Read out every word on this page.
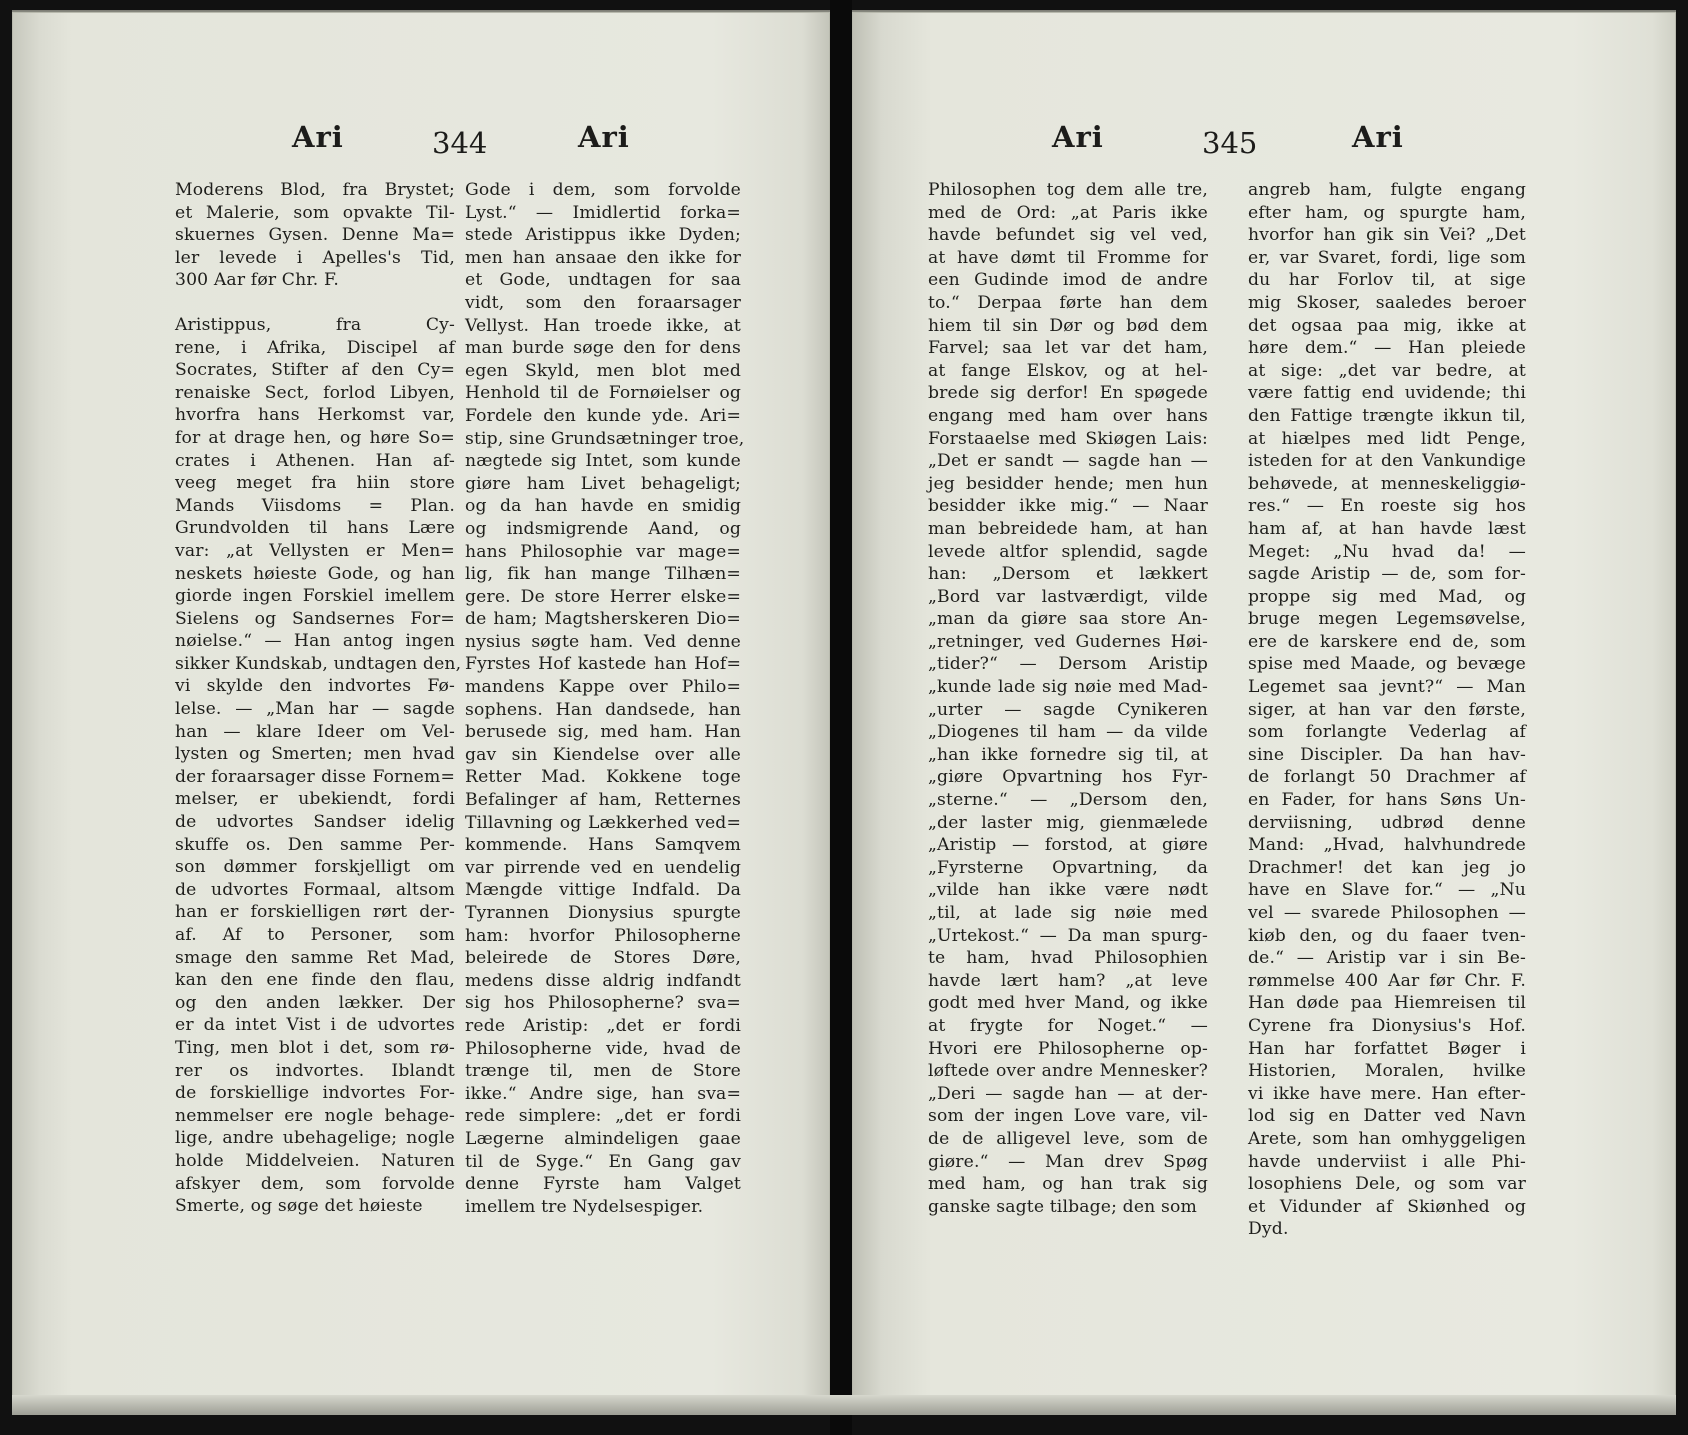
Ari	344	Ari
Moderens Blod, fra Brystet;
et Malerie, som opvakte Til-
skuernes Gysen. Denne Ma=
ler levede i Apelles's Tid,
300 Aar før Chr. F.
Aristippus, fra Cy-
rene, i Afrika, Discipel af
Socrates, Stifter af den Cy=
renaiske Sect, forlod Libyen,
hvorfra hans Herkomst var,
for at drage hen, og høre So=
crates i Athenen. Han af-
veeg meget fra hiin store
Mands Viisdoms = Plan.
Grundvolden til hans Lære
var: „at Vellysten er Men=
neskets høieste Gode, og han
giorde ingen Forskiel imellem
Sielens og Sandsernes For=
nøielse.“ — Han antog ingen
sikker Kundskab, undtagen den,
vi skylde den indvortes Fø-
lelse. — „Man har — sagde
han — klare Ideer om Vel-
lysten og Smerten; men hvad
der foraarsager disse Fornem=
melser, er ubekiendt, fordi
de udvortes Sandser idelig
skuffe os. Den samme Per-
son dømmer forskjelligt om
de udvortes Formaal, altsom
han er forskielligen rørt der-
af. Af to Personer, som
smage den samme Ret Mad,
kan den ene finde den flau,
og den anden lækker. Der
er da intet Vist i de udvortes
Ting, men blot i det, som rø-
rer os indvortes. Iblandt
de forskiellige indvortes For-
nemmelser ere nogle behage-
lige, andre ubehagelige; nogle
holde Middelveien. Naturen
afskyer dem, som forvolde
Smerte, og søge det høieste
Gode i dem, som forvolde
Lyst.“ — Imidlertid forka=
stede Aristippus ikke Dyden;
men han ansaae den ikke for
et Gode, undtagen for saa
vidt, som den foraarsager
Vellyst. Han troede ikke, at
man burde søge den for dens
egen Skyld, men blot med
Henhold til de Fornøielser og
Fordele den kunde yde. Ari=
stip, sine Grundsætninger troe,
nægtede sig Intet, som kunde
giøre ham Livet behageligt;
og da han havde en smidig
og indsmigrende Aand, og
hans Philosophie var mage=
lig, fik han mange Tilhæn=
gere. De store Herrer elske=
de ham; Magtsherskeren Dio=
nysius søgte ham. Ved denne
Fyrstes Hof kastede han Hof=
mandens Kappe over Philo=
sophens. Han dandsede, han
berusede sig, med ham. Han
gav sin Kiendelse over alle
Retter Mad. Kokkene toge
Befalinger af ham, Retternes
Tillavning og Lækkerhed ved=
kommende. Hans Samqvem
var pirrende ved en uendelig
Mængde vittige Indfald. Da
Tyrannen Dionysius spurgte
ham: hvorfor Philosopherne
beleirede de Stores Døre,
medens disse aldrig indfandt
sig hos Philosopherne? sva=
rede Aristip: „det er fordi
Philosopherne vide, hvad de
trænge til, men de Store
ikke.“ Andre sige, han sva=
rede simplere: „det er fordi
Lægerne almindeligen gaae
til de Syge.“ En Gang gav
denne Fyrste ham Valget
imellem tre Nydelsespiger.
Ari	345	Ari
Philosophen tog dem alle tre,
med de Ord: „at Paris ikke
havde befundet sig vel ved,
at have dømt til Fromme for
een Gudinde imod de andre
to.“ Derpaa førte han dem
hiem til sin Dør og bød dem
Farvel; saa let var det ham,
at fange Elskov, og at hel-
brede sig derfor! En spøgede
engang med ham over hans
Forstaaelse med Skiøgen Lais:
„Det er sandt — sagde han —
jeg besidder hende; men hun
besidder ikke mig.“ — Naar
man bebreidede ham, at han
levede altfor splendid, sagde
han: „Dersom et lækkert
„Bord var lastværdigt, vilde
„man da giøre saa store An-
„retninger, ved Gudernes Høi-
„tider?“ — Dersom Aristip
„kunde lade sig nøie med Mad-
„urter — sagde Cynikeren
„Diogenes til ham — da vilde
„han ikke fornedre sig til, at
„giøre Opvartning hos Fyr-
„sterne.“ — „Dersom den,
„der laster mig, gienmælede
„Aristip — forstod, at giøre
„Fyrsterne Opvartning, da
„vilde han ikke være nødt
„til, at lade sig nøie med
„Urtekost.“ — Da man spurg-
te ham, hvad Philosophien
havde lært ham? „at leve
godt med hver Mand, og ikke
at frygte for Noget.“ —
Hvori ere Philosopherne op-
løftede over andre Mennesker?
„Deri — sagde han — at der-
som der ingen Love vare, vil-
de de alligevel leve, som de
giøre.“ — Man drev Spøg
med ham, og han trak sig
ganske sagte tilbage; den som
angreb ham, fulgte engang
efter ham, og spurgte ham,
hvorfor han gik sin Vei? „Det
er, var Svaret, fordi, lige som
du har Forlov til, at sige
mig Skoser, saaledes beroer
det ogsaa paa mig, ikke at
høre dem.“ — Han pleiede
at sige: „det var bedre, at
være fattig end uvidende; thi
den Fattige trængte ikkun til,
at hiælpes med lidt Penge,
isteden for at den Vankundige
behøvede, at menneskeliggiø-
res.“ — En roeste sig hos
ham af, at han havde læst
Meget: „Nu hvad da! —
sagde Aristip — de, som for-
proppe sig med Mad, og
bruge megen Legemsøvelse,
ere de karskere end de, som
spise med Maade, og bevæge
Legemet saa jevnt?“ — Man
siger, at han var den første,
som forlangte Vederlag af
sine Discipler. Da han hav-
de forlangt 50 Drachmer af
en Fader, for hans Søns Un-
derviisning, udbrød denne
Mand: „Hvad, halvhundrede
Drachmer! det kan jeg jo
have en Slave for.“ — „Nu
vel — svarede Philosophen —
kiøb den, og du faaer tven-
de.“ — Aristip var i sin Be-
rømmelse 400 Aar før Chr. F.
Han døde paa Hiemreisen til
Cyrene fra Dionysius's Hof.
Han har forfattet Bøger i
Historien, Moralen, hvilke
vi ikke have mere. Han efter-
lod sig en Datter ved Navn
Arete, som han omhyggeligen
havde underviist i alle Phi-
losophiens Dele, og som var
et Vidunder af Skiønhed og
Dyd.
